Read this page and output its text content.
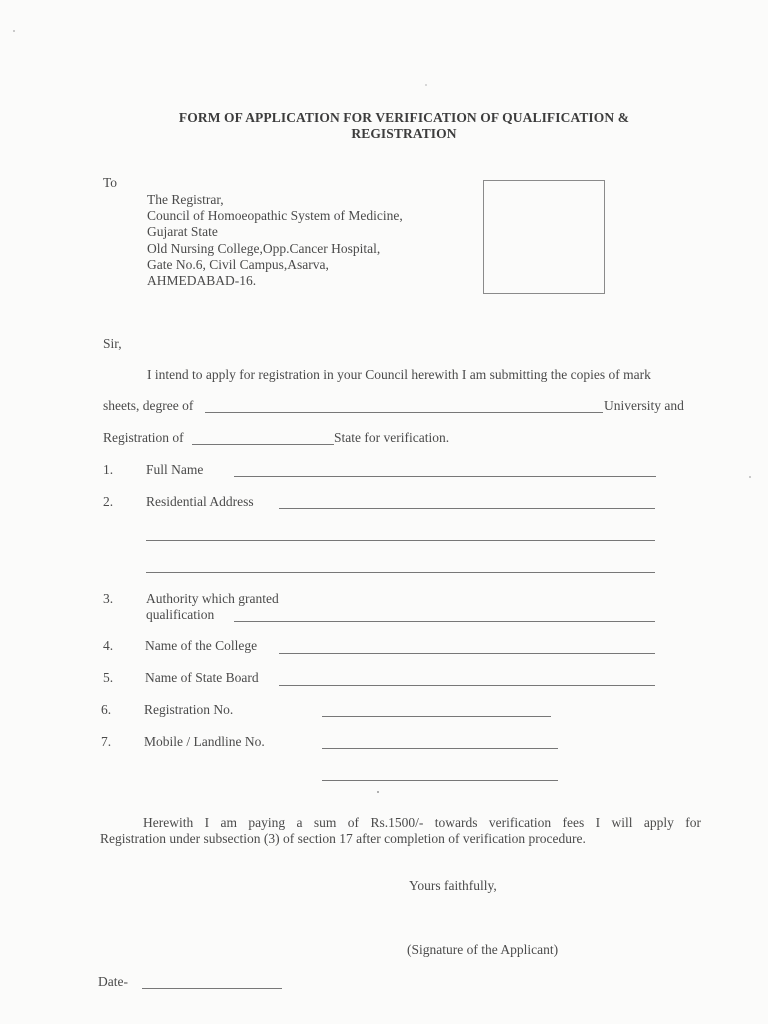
FORM OF APPLICATION FOR VERIFICATION OF QUALIFICATION &
REGISTRATION
To
The Registrar,
Council of Homoeopathic System of Medicine,
Gujarat State
Old Nursing College,Opp.Cancer Hospital,
Gate No.6, Civil Campus,Asarva,
AHMEDABAD-16.
Sir,
I intend to apply for registration in your Council herewith I am submitting the copies of mark
sheets, degree of	University and
Registration of	State for verification.
1. Full Name
2. Residential Address
3. Authority which granted
qualification
4. Name of the College
5. Name of State Board
6. Registration No.
7. Mobile / Landline No.
Herewith I am paying a sum of Rs.1500/- towards verification fees I will apply for
Registration under subsection (3) of section 17 after completion of verification procedure.
Yours faithfully,
(Signature of the Applicant)
Date-
